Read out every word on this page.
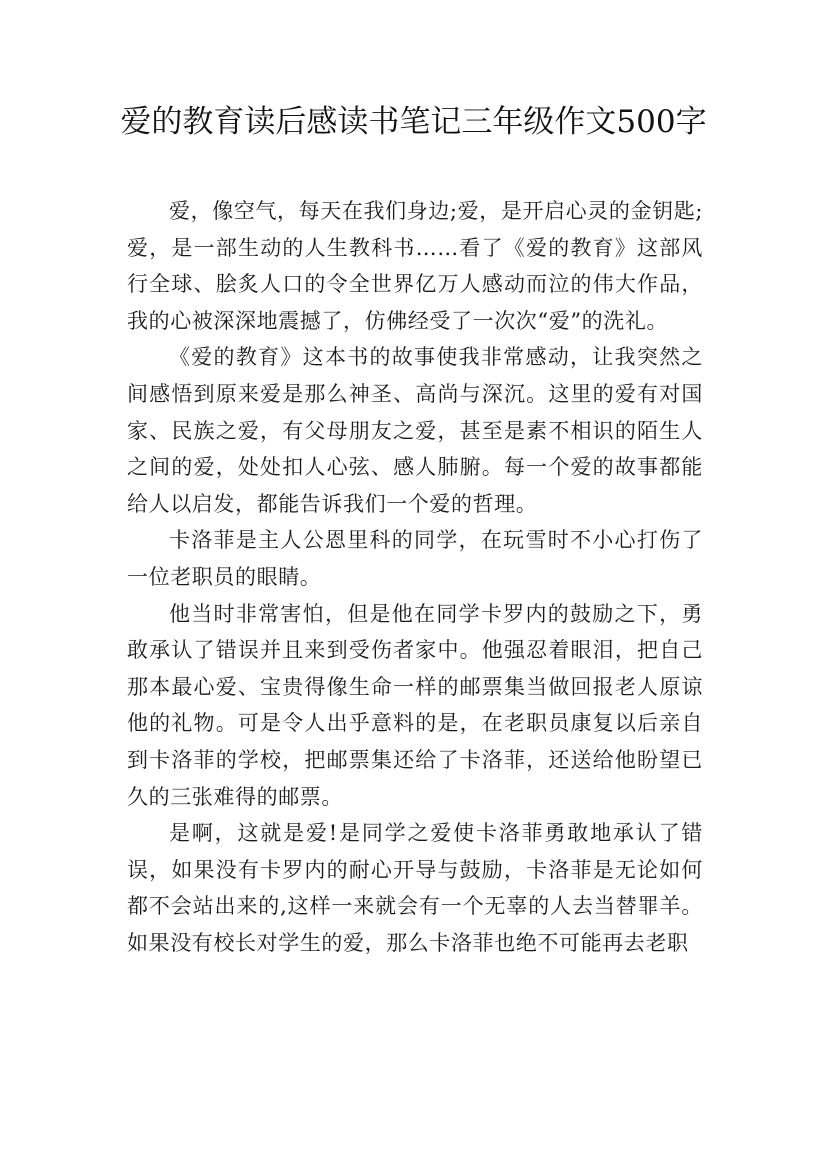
爱的教育读后感读书笔记三年级作文500字

爱，像空气，每天在我们身边;爱，是开启心灵的金钥匙;爱，是一部生动的人生教科书……看了《爱的教育》这部风行全球、脍炙人口的令全世界亿万人感动而泣的伟大作品，我的心被深深地震撼了，仿佛经受了一次次“爱”的洗礼。

《爱的教育》这本书的故事使我非常感动，让我突然之间感悟到原来爱是那么神圣、高尚与深沉。这里的爱有对国家、民族之爱，有父母朋友之爱，甚至是素不相识的陌生人之间的爱，处处扣人心弦、感人肺腑。每一个爱的故事都能给人以启发，都能告诉我们一个爱的哲理。

卡洛菲是主人公恩里科的同学，在玩雪时不小心打伤了一位老职员的眼睛。

他当时非常害怕，但是他在同学卡罗内的鼓励之下，勇敢承认了错误并且来到受伤者家中。他强忍着眼泪，把自己那本最心爱、宝贵得像生命一样的邮票集当做回报老人原谅他的礼物。可是令人出乎意料的是，在老职员康复以后亲自到卡洛菲的学校，把邮票集还给了卡洛菲，还送给他盼望已久的三张难得的邮票。

是啊，这就是爱!是同学之爱使卡洛菲勇敢地承认了错误，如果没有卡罗内的耐心开导与鼓励，卡洛菲是无论如何都不会站出来的,这样一来就会有一个无辜的人去当替罪羊。如果没有校长对学生的爱，那么卡洛菲也绝不可能再去老职
